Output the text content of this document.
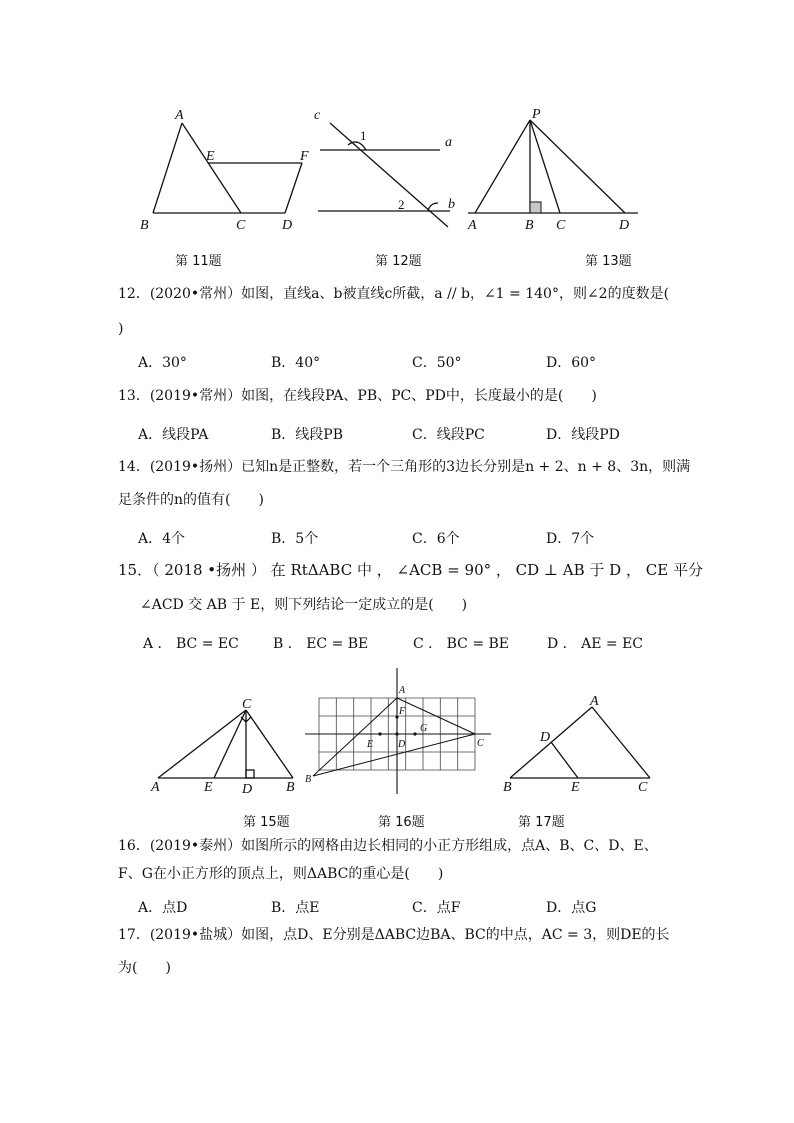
A
B	C	D
E	F
第 11题
c
a
b
1
2
第 12题
P
A	B C	D
第 13题
12．(2020•常州）如图，直线a、b被直线c所截，a // b，∠1 = 140°，则∠2的度数是(
)
A．30°	B．40°	C．50°	D．60°
13．(2019•常州）如图，在线段PA、PB、PC、PD中，长度最小的是(　　)
A．线段PA	B．线段PB	C．线段PC	D．线段PD
14．(2019•扬州）已知n是正整数，若一个三角形的3边长分别是n + 2、n + 8、3n，则满
足条件的n的值有(　　)
A．4个	B．5个	C．6个	D．7个
15．（ 2018 •扬州 ） 在 RtΔABC 中 ， ∠ACB = 90° ， CD ⊥ AB 于 D ， CE 平分
∠ACD 交 AB 于 E，则下列结论一定成立的是(　　)
A ． BC = EC B ． EC = BE	C ． BC = BE	D ． AE = EC
C
A	E D B
第 15题
A
B
C
D
E
F
G
第 16题
A
B	C
D
E
第 17题
16．(2019•泰州）如图所示的网格由边长相同的小正方形组成，点A、B、C、D、E、
F、G在小正方形的顶点上，则ΔABC的重心是(　　)
A．点D	B．点E	C．点F	D．点G
17．(2019•盐城）如图，点D、E分别是ΔABC边BA、BC的中点，AC = 3，则DE的长
为(　　)
